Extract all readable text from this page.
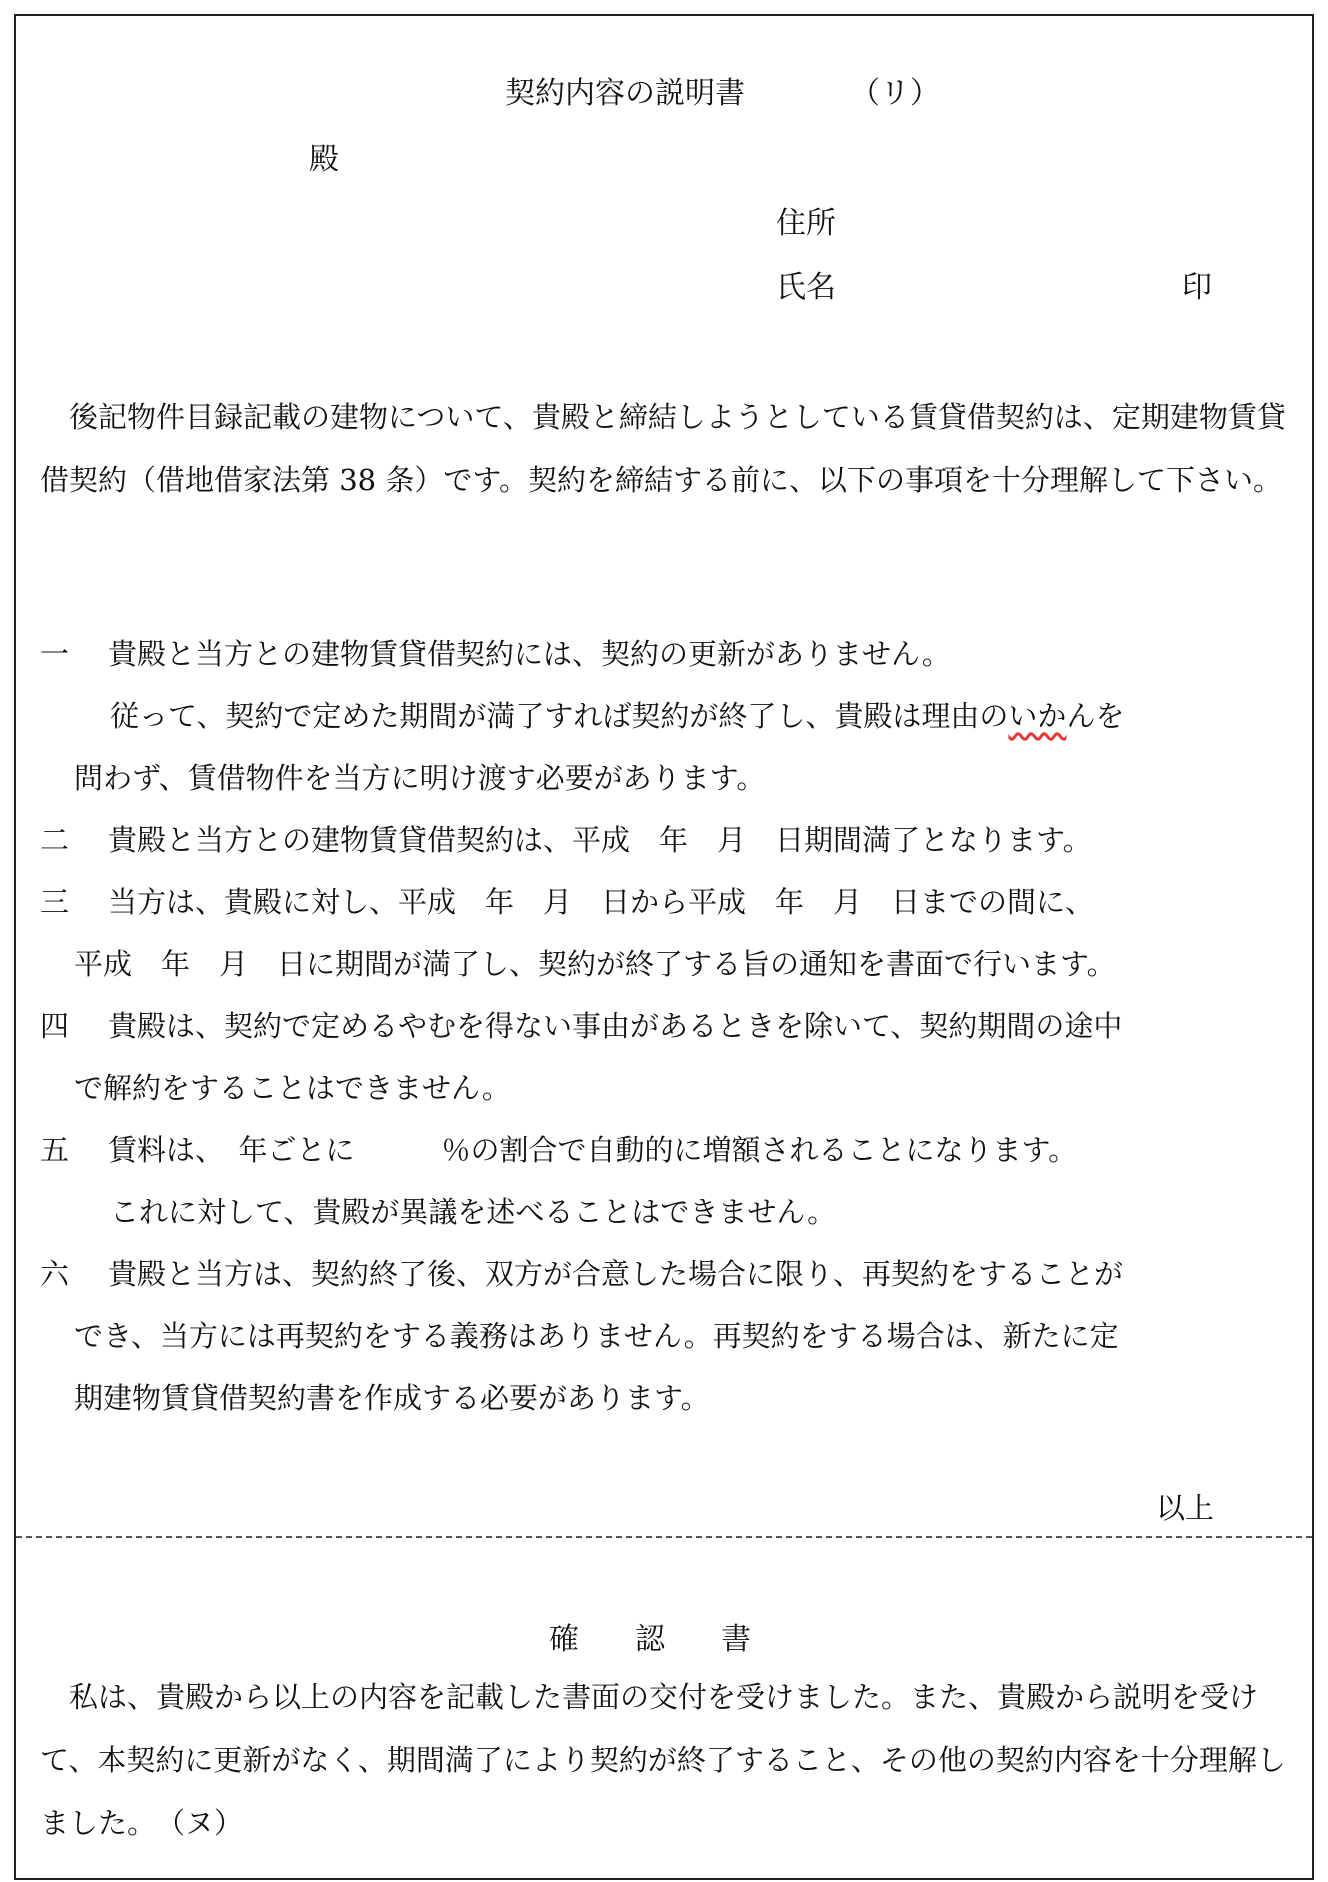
契約内容の説明書	（リ）
殿
住所
氏名	印
後記物件目録記載の建物について、貴殿と締結しようとしている賃貸借契約は、定期建物賃貸借契約（借地借家法第 38 条）です。契約を締結する前に、以下の事項を十分理解して下さい。
一 貴殿と当方との建物賃貸借契約には、契約の更新がありません。
従って、契約で定めた期間が満了すれば契約が終了し、貴殿は理由のいかんを
問わず、賃借物件を当方に明け渡す必要があります。
二 貴殿と当方との建物賃貸借契約は、平成　年　月　日期間満了となります。
三 当方は、貴殿に対し、平成　年　月　日から平成　年　月　日までの間に、
平成　年　月　日に期間が満了し、契約が終了する旨の通知を書面で行います。
四 貴殿は、契約で定めるやむを得ない事由があるときを除いて、契約期間の途中
で解約をすることはできません。
五 賃料は、　年ごとに　　　％の割合で自動的に増額されることになります。
これに対して、貴殿が異議を述べることはできません。
六 貴殿と当方は、契約終了後、双方が合意した場合に限り、再契約をすることが
でき、当方には再契約をする義務はありません。再契約をする場合は、新たに定
期建物賃貸借契約書を作成する必要があります。
以上
確 認 書
私は、貴殿から以上の内容を記載した書面の交付を受けました。また、貴殿から説明を受けて、本契約に更新がなく、期間満了により契約が終了すること、その他の契約内容を十分理解しました。　（ヌ）
